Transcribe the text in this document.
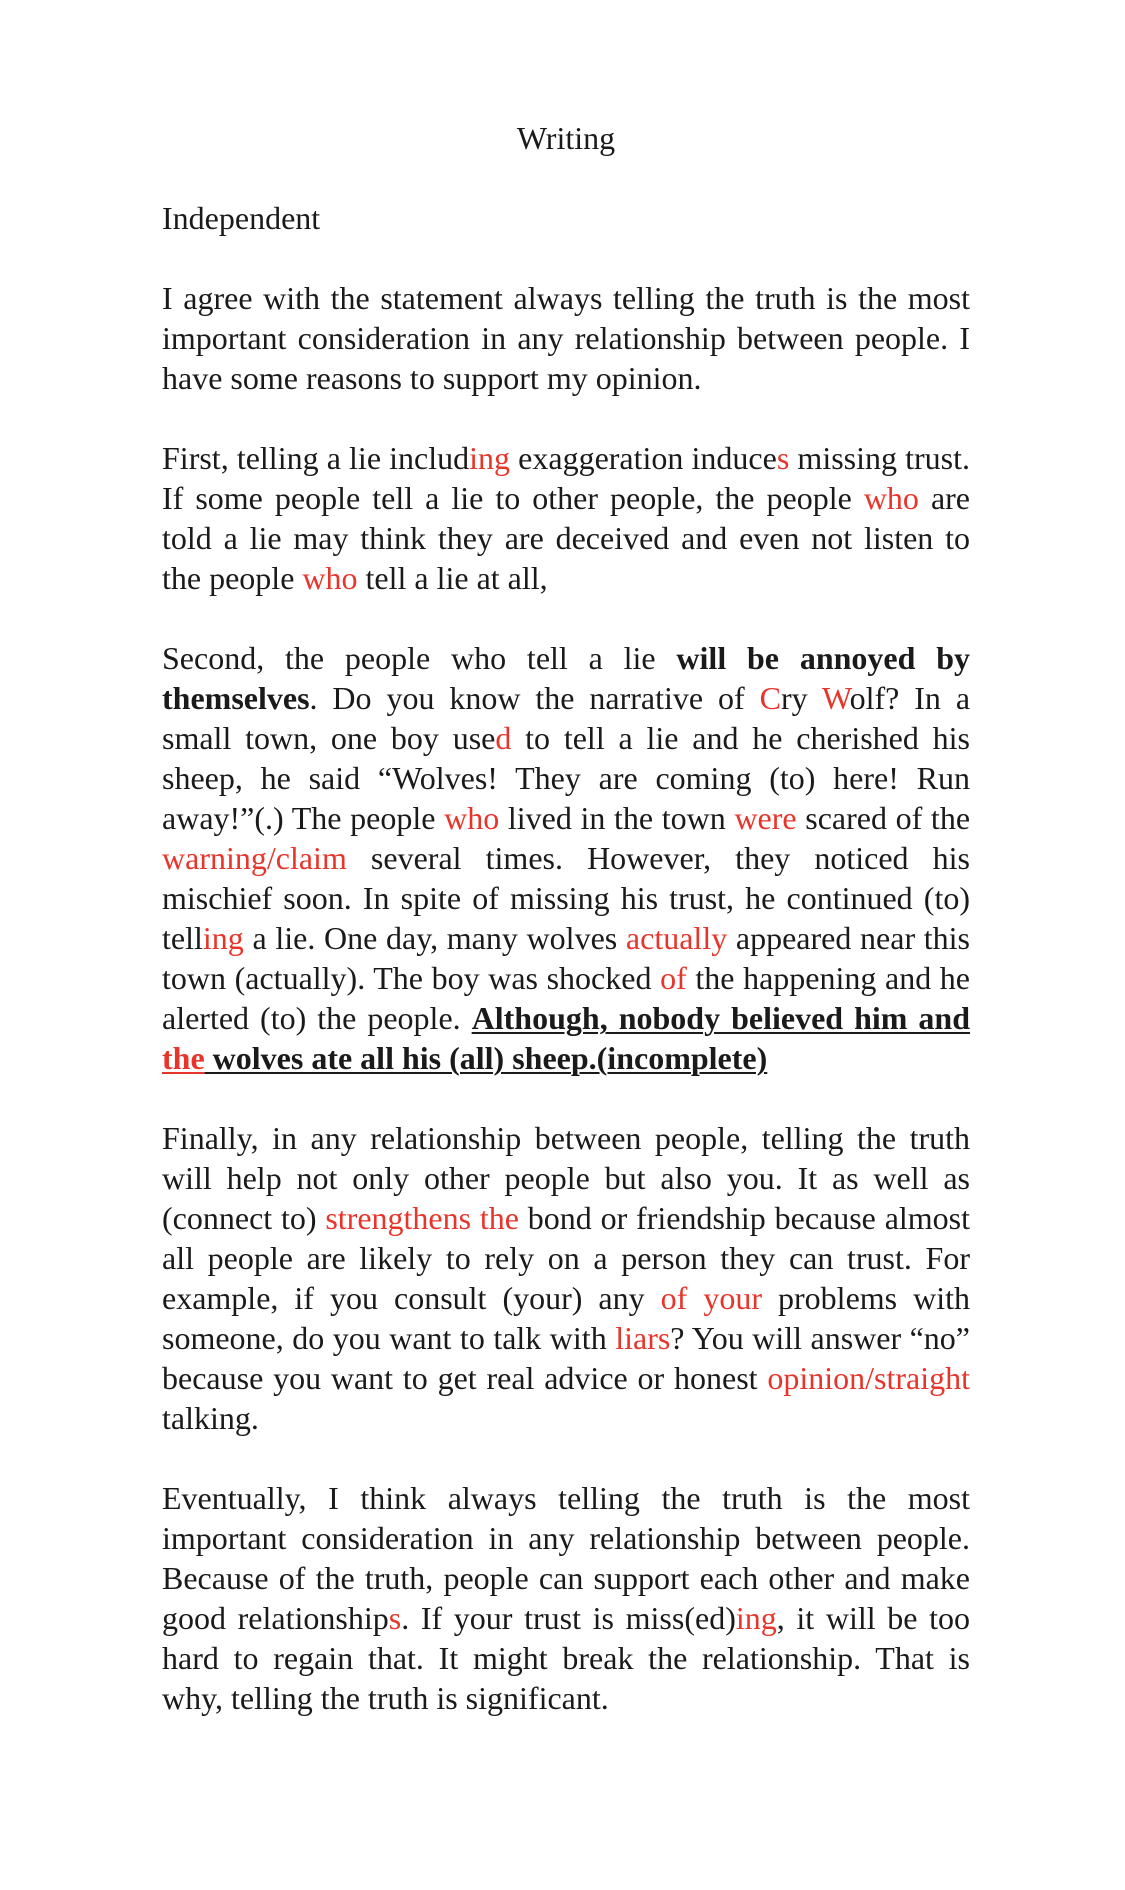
Writing
Independent

I agree with the statement always telling the truth is the most important consideration in any relationship between people. I have some reasons to support my opinion.

First, telling a lie including exaggeration induces missing trust. If some people tell a lie to other people, the people who are told a lie may think they are deceived and even not listen to the people who tell a lie at all,

Second, the people who tell a lie will be annoyed by themselves. Do you know the narrative of Cry Wolf? In a small town, one boy used to tell a lie and he cherished his sheep, he said “Wolves! They are coming (to) here! Run away!”(.) The people who lived in the town were scared of the warning/claim several times. However, they noticed his mischief soon. In spite of missing his trust, he continued (to) telling a lie. One day, many wolves actually appeared near this town (actually). The boy was shocked of the happening and he alerted (to) the people. Although, nobody believed him and the wolves ate all his (all) sheep.(incomplete)

Finally, in any relationship between people, telling the truth will help not only other people but also you. It as well as (connect to) strengthens the bond or friendship because almost all people are likely to rely on a person they can trust. For example, if you consult (your) any of your problems with someone, do you want to talk with liars? You will answer “no” because you want to get real advice or honest opinion/straight talking.

Eventually, I think always telling the truth is the most important consideration in any relationship between people. Because of the truth, people can support each other and make good relationships. If your trust is miss(ed)ing, it will be too hard to regain that. It might break the relationship. That is why, telling the truth is significant.
